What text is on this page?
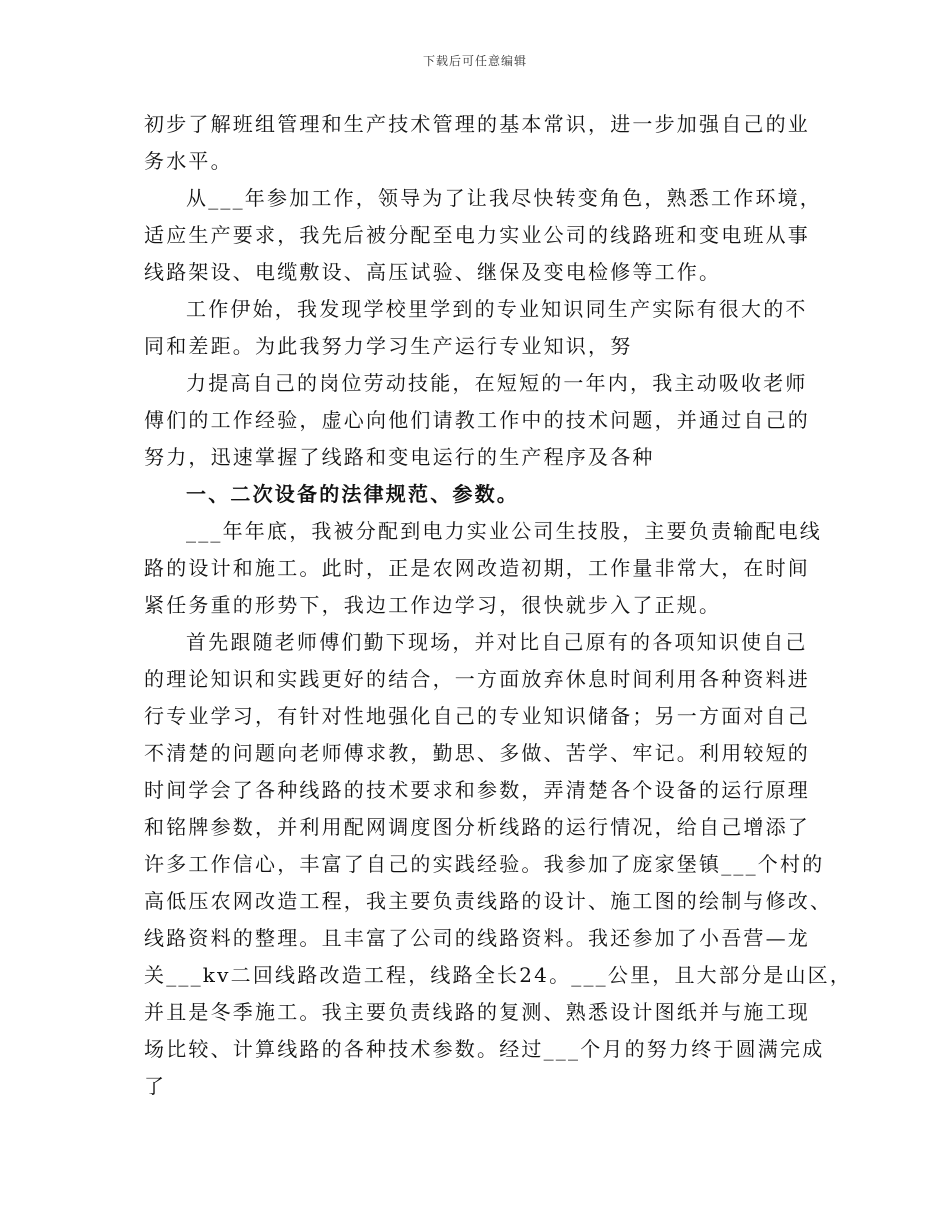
下载后可任意编辑
初步了解班组管理和生产技术管理的基本常识，进一步加强自己的业
务水平。
从___年参加工作，领导为了让我尽快转变角色，熟悉工作环境，
适应生产要求，我先后被分配至电力实业公司的线路班和变电班从事
线路架设、电缆敷设、高压试验、继保及变电检修等工作。
工作伊始，我发现学校里学到的专业知识同生产实际有很大的不
同和差距。为此我努力学习生产运行专业知识，努
力提高自己的岗位劳动技能，在短短的一年内，我主动吸收老师
傅们的工作经验，虚心向他们请教工作中的技术问题，并通过自己的
努力，迅速掌握了线路和变电运行的生产程序及各种
一、二次设备的法律规范、参数。
___年年底，我被分配到电力实业公司生技股，主要负责输配电线
路的设计和施工。此时，正是农网改造初期，工作量非常大，在时间
紧任务重的形势下，我边工作边学习，很快就步入了正规。
首先跟随老师傅们勤下现场，并对比自己原有的各项知识使自己
的理论知识和实践更好的结合，一方面放弃休息时间利用各种资料进
行专业学习，有针对性地强化自己的专业知识储备；另一方面对自己
不清楚的问题向老师傅求教，勤思、多做、苦学、牢记。利用较短的
时间学会了各种线路的技术要求和参数，弄清楚各个设备的运行原理
和铭牌参数，并利用配网调度图分析线路的运行情况，给自己增添了
许多工作信心，丰富了自己的实践经验。我参加了庞家堡镇___个村的
高低压农网改造工程，我主要负责线路的设计、施工图的绘制与修改、
线路资料的整理。且丰富了公司的线路资料。我还参加了小吾营—龙
关___kv二回线路改造工程，线路全长24。___公里，且大部分是山区，
并且是冬季施工。我主要负责线路的复测、熟悉设计图纸并与施工现
场比较、计算线路的各种技术参数。经过___个月的努力终于圆满完成
了
